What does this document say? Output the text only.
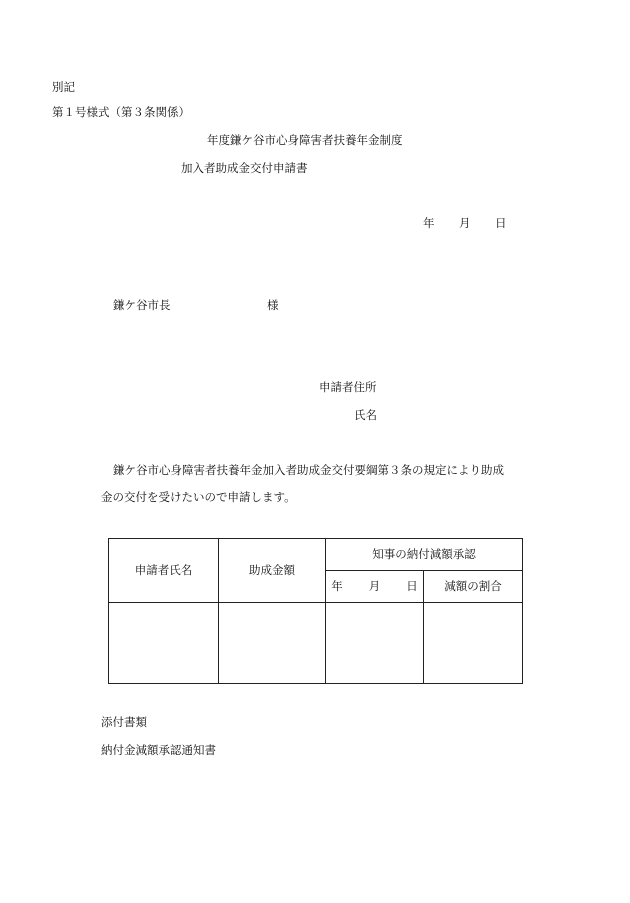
別記
第１号様式（第３条関係）
年度鎌ケ谷市心身障害者扶養年金制度
加入者助成金交付申請書
年 月 日
鎌ケ谷市長	様
申請者住所
氏名
鎌ケ谷市心身障害者扶養年金加入者助成金交付要綱第３条の規定により助成
金の交付を受けたいので申請します。
申請者氏名	助成金額	知事の納付減額承認	
		年 月 日	減額の割合

添付書類
納付金減額承認通知書
